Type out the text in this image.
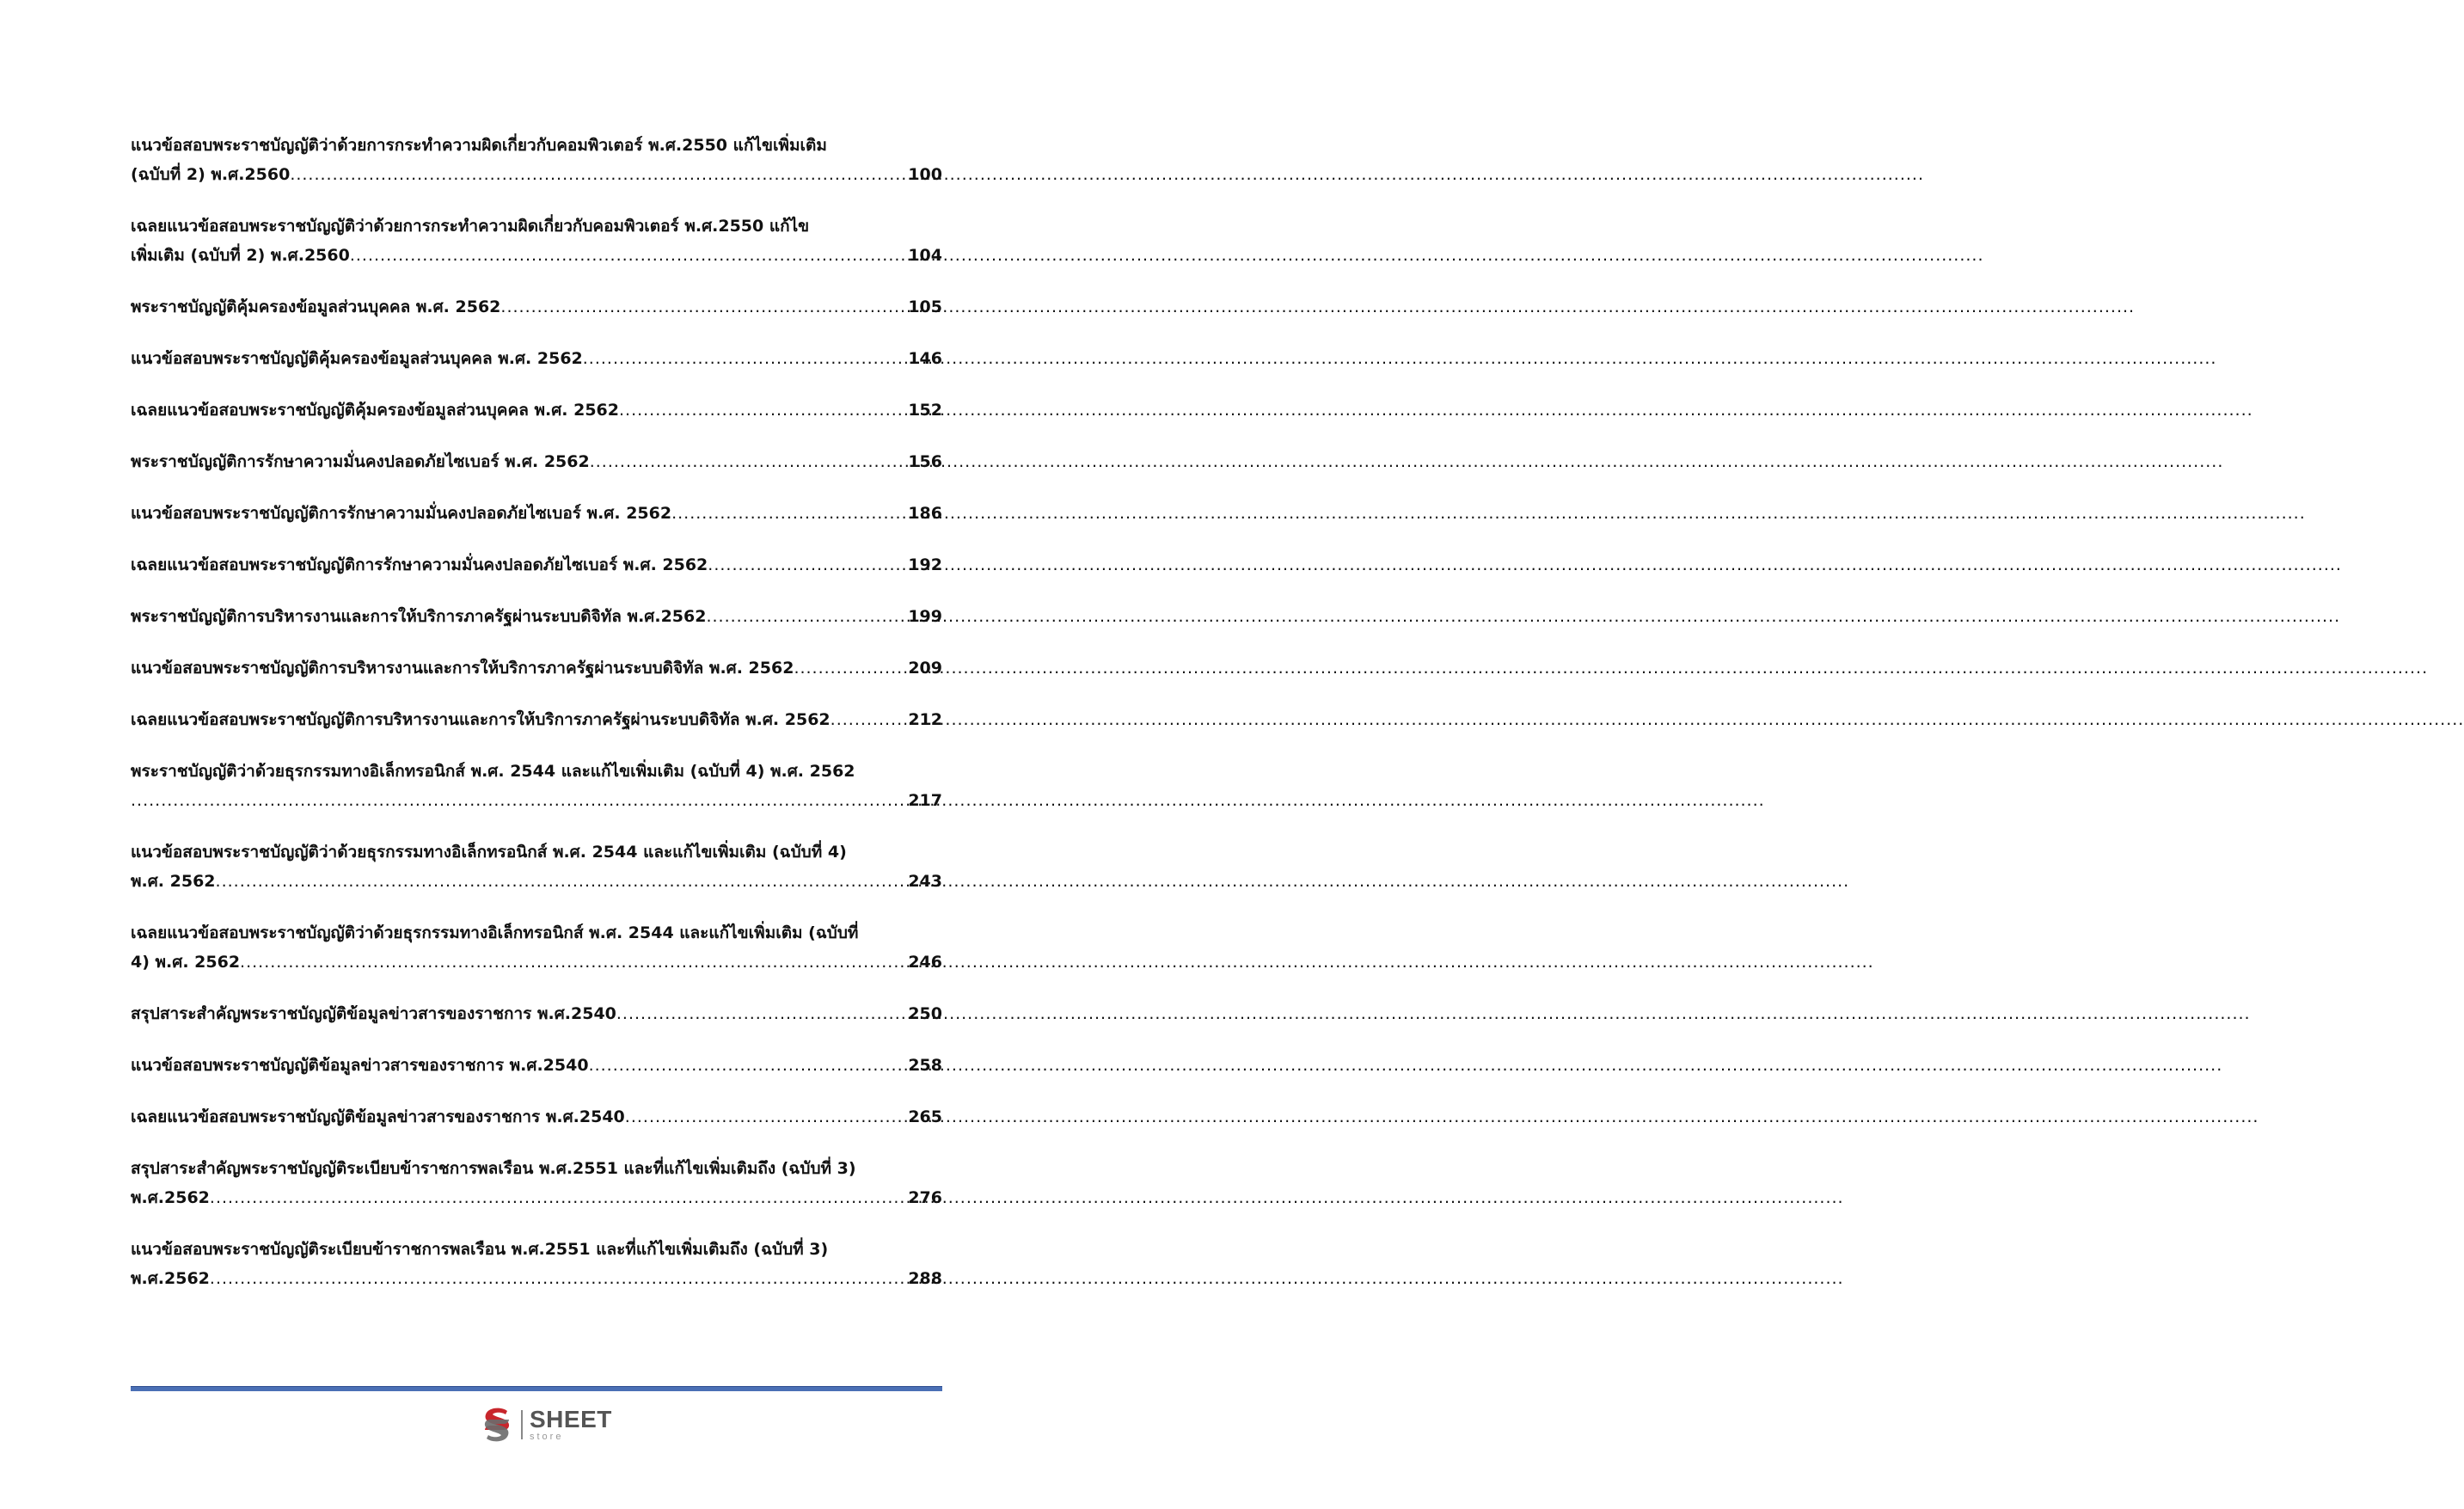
แนวข้อสอบพระราชบัญญัติว่าด้วยการกระทำความผิดเกี่ยวกับคอมพิวเตอร์ พ.ศ.2550 แก้ไขเพิ่มเติม
(ฉบับที่ 2) พ.ศ.2560 .....	100
เฉลยแนวข้อสอบพระราชบัญญัติว่าด้วยการกระทำความผิดเกี่ยวกับคอมพิวเตอร์ พ.ศ.2550 แก้ไข
เพิ่มเติม (ฉบับที่ 2) พ.ศ.2560 .....	104
พระราชบัญญัติคุ้มครองข้อมูลส่วนบุคคล พ.ศ. 2562 .....	105
แนวข้อสอบพระราชบัญญัติคุ้มครองข้อมูลส่วนบุคคล พ.ศ. 2562 .....	146
เฉลยแนวข้อสอบพระราชบัญญัติคุ้มครองข้อมูลส่วนบุคคล พ.ศ. 2562 .....	152
พระราชบัญญัติการรักษาความมั่นคงปลอดภัยไซเบอร์ พ.ศ. 2562 .....	156
แนวข้อสอบพระราชบัญญัติการรักษาความมั่นคงปลอดภัยไซเบอร์ พ.ศ. 2562 .....	186
เฉลยแนวข้อสอบพระราชบัญญัติการรักษาความมั่นคงปลอดภัยไซเบอร์ พ.ศ. 2562 .....	192
พระราชบัญญัติการบริหารงานและการให้บริการภาครัฐผ่านระบบดิจิทัล พ.ศ.2562 .....	199
แนวข้อสอบพระราชบัญญัติการบริหารงานและการให้บริการภาครัฐผ่านระบบดิจิทัล พ.ศ. 2562 .....	209
เฉลยแนวข้อสอบพระราชบัญญัติการบริหารงานและการให้บริการภาครัฐผ่านระบบดิจิทัล พ.ศ. 2562 .....	212
พระราชบัญญัติว่าด้วยธุรกรรมทางอิเล็กทรอนิกส์ พ.ศ. 2544 และแก้ไขเพิ่มเติม (ฉบับที่ 4) พ.ศ. 2562
.....
217
แนวข้อสอบพระราชบัญญัติว่าด้วยธุรกรรมทางอิเล็กทรอนิกส์ พ.ศ. 2544 และแก้ไขเพิ่มเติม (ฉบับที่ 4)
พ.ศ. 2562 .....	243
เฉลยแนวข้อสอบพระราชบัญญัติว่าด้วยธุรกรรมทางอิเล็กทรอนิกส์ พ.ศ. 2544 และแก้ไขเพิ่มเติม (ฉบับที่
4) พ.ศ. 2562 .....	246
สรุปสาระสำคัญพระราชบัญญัติข้อมูลข่าวสารของราชการ พ.ศ.2540 .....	250
แนวข้อสอบพระราชบัญญัติข้อมูลข่าวสารของราชการ พ.ศ.2540 .....	258
เฉลยแนวข้อสอบพระราชบัญญัติข้อมูลข่าวสารของราชการ พ.ศ.2540 .....	265
สรุปสาระสำคัญพระราชบัญญัติระเบียบข้าราชการพลเรือน พ.ศ.2551 และที่แก้ไขเพิ่มเติมถึง (ฉบับที่ 3)
พ.ศ.2562 .....	276
แนวข้อสอบพระราชบัญญัติระเบียบข้าราชการพลเรือน พ.ศ.2551 และที่แก้ไขเพิ่มเติมถึง (ฉบับที่ 3)
พ.ศ.2562 .....	288
SHEET
store
